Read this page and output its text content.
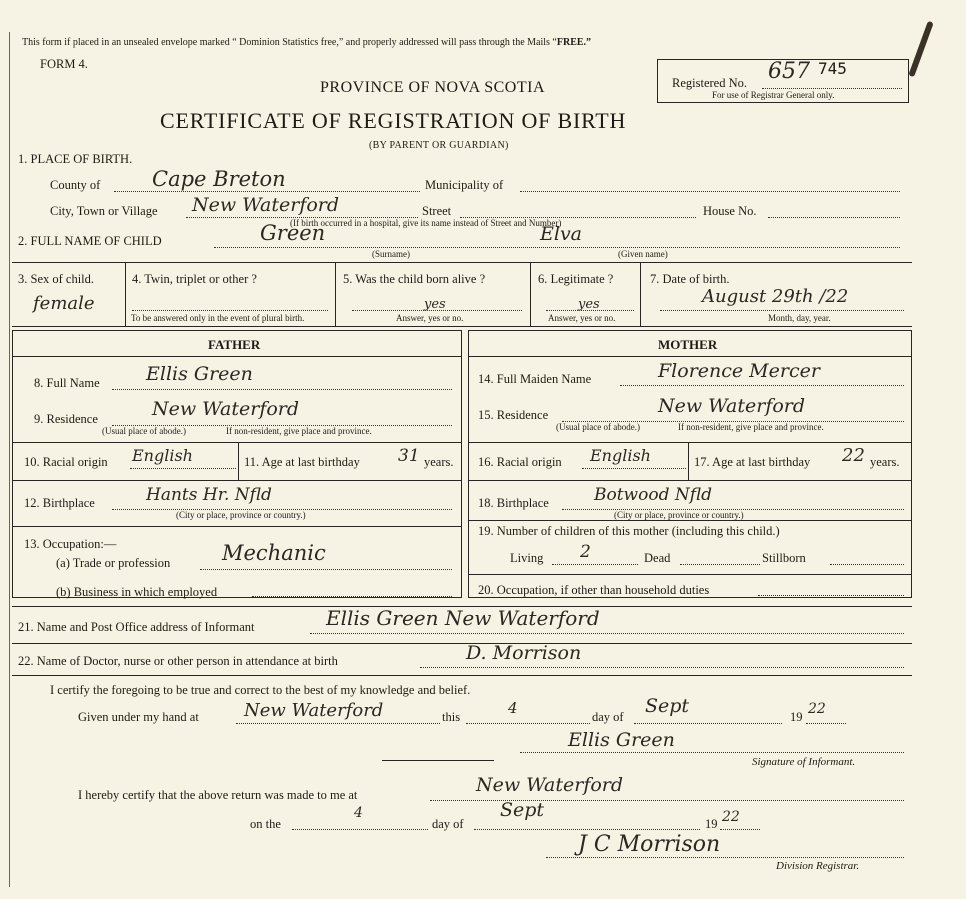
This form if placed in an unsealed envelope marked “ Dominion Statistics free,” and properly addressed will pass through the Mails “FREE.”
FORM 4.
PROVINCE OF NOVA SCOTIA
CERTIFICATE OF REGISTRATION OF BIRTH
(BY PARENT OR GUARDIAN)
Registered No. 657 745
For use of Registrar General only.
1. PLACE OF BIRTH.
County of Cape Breton	Municipality of
City, Town or Village New Waterford	Street	House No.
(If birth occurred in a hospital, give its name instead of Street and Number)
2. FULL NAME OF CHILD	Green	Elva
(Surname)	(Given name)
3. Sex of child.
female
4. Twin, triplet or other ?
To be answered only in the event of plural birth.
5. Was the child born alive ?
yes
Answer, yes or no.
6. Legitimate ?
yes
Answer, yes or no.
7. Date of birth.
August 29th /22
Month, day, year.
FATHER	MOTHER
8. Full Name Ellis Green
9. Residence	New Waterford
(Usual place of abode.)	If non-resident, give place and province.
10. Racial origin English	11. Age at last birthday 31 years.
12. Birthplace	Hants Hr. Nfld
(City or place, province or country.)
13. Occupation:—
(a) Trade or profession Mechanic
(b) Business in which employed
14. Full Maiden Name	Florence Mercer
15. Residence	New Waterford
(Usual place of abode.)	If non-resident, give place and province.
16. Racial origin English	17. Age at last birthday 22 years.
18. Birthplace	Botwood Nfld
(City or place, province or country.)
19. Number of children of this mother (including this child.)
Living 2	Dead	Stillborn
20. Occupation, if other than household duties
21. Name and Post Office address of Informant	Ellis Green New Waterford
22. Name of Doctor, nurse or other person in attendance at birth	D. Morrison
I certify the foregoing to be true and correct to the best of my knowledge and belief.
Given under my hand at	New Waterford	this	4	day of Sept	19 22
Ellis Green
Signature of Informant.
I hereby certify that the above return was made to me at	New Waterford
on the
4
day of
Sept
19 22
J C Morrison
Division Registrar.
